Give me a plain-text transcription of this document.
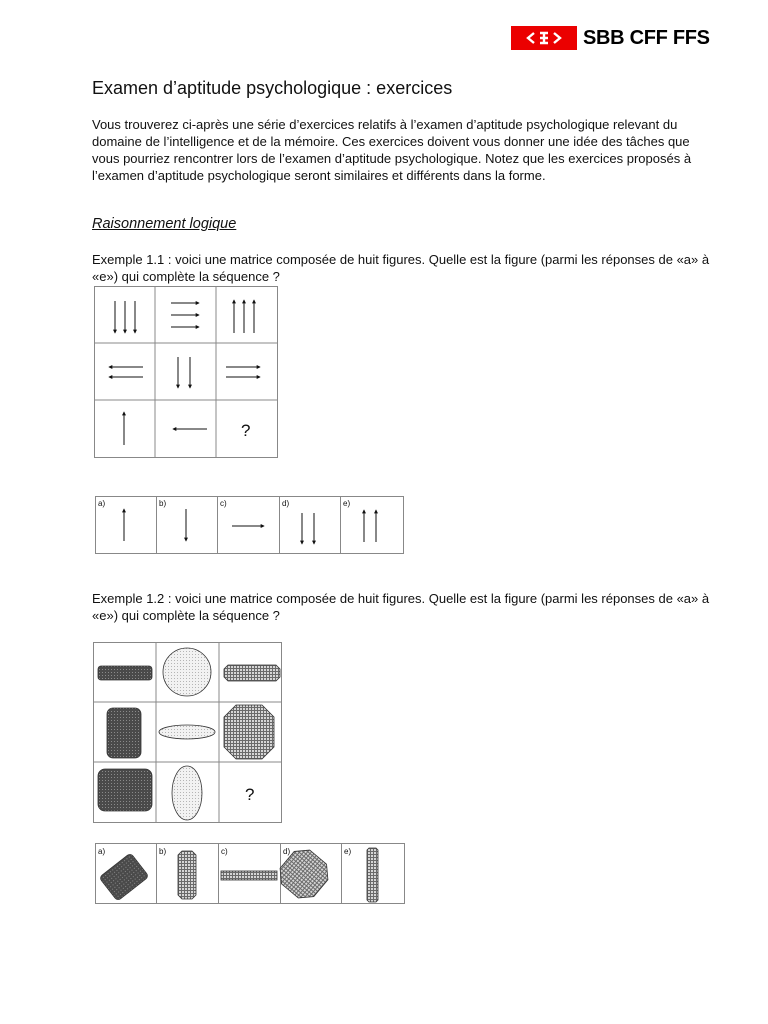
SBB CFF FFS
Examen d’aptitude psychologique : exercices

Vous trouverez ci-après une série d’exercices relatifs à l’examen d’aptitude psychologique relevant du domaine de l’intelligence et de la mémoire. Ces exercices doivent vous donner une idée des tâches que vous pourriez rencontrer lors de l’examen d’aptitude psychologique. Notez que les exercices proposés à l’examen d’aptitude psychologique seront similaires et différents dans la forme.

Raisonnement logique

Exemple 1.1 : voici une matrice composée de huit figures. Quelle est la figure (parmi les réponses de «a» à «e») qui complète la séquence ?

?
a)	b)	c)	d)	e)

Exemple 1.2 : voici une matrice composée de huit figures. Quelle est la figure (parmi les réponses de «a» à «e») qui complète la séquence ?

?
a)	b)	c)	d)	e)
